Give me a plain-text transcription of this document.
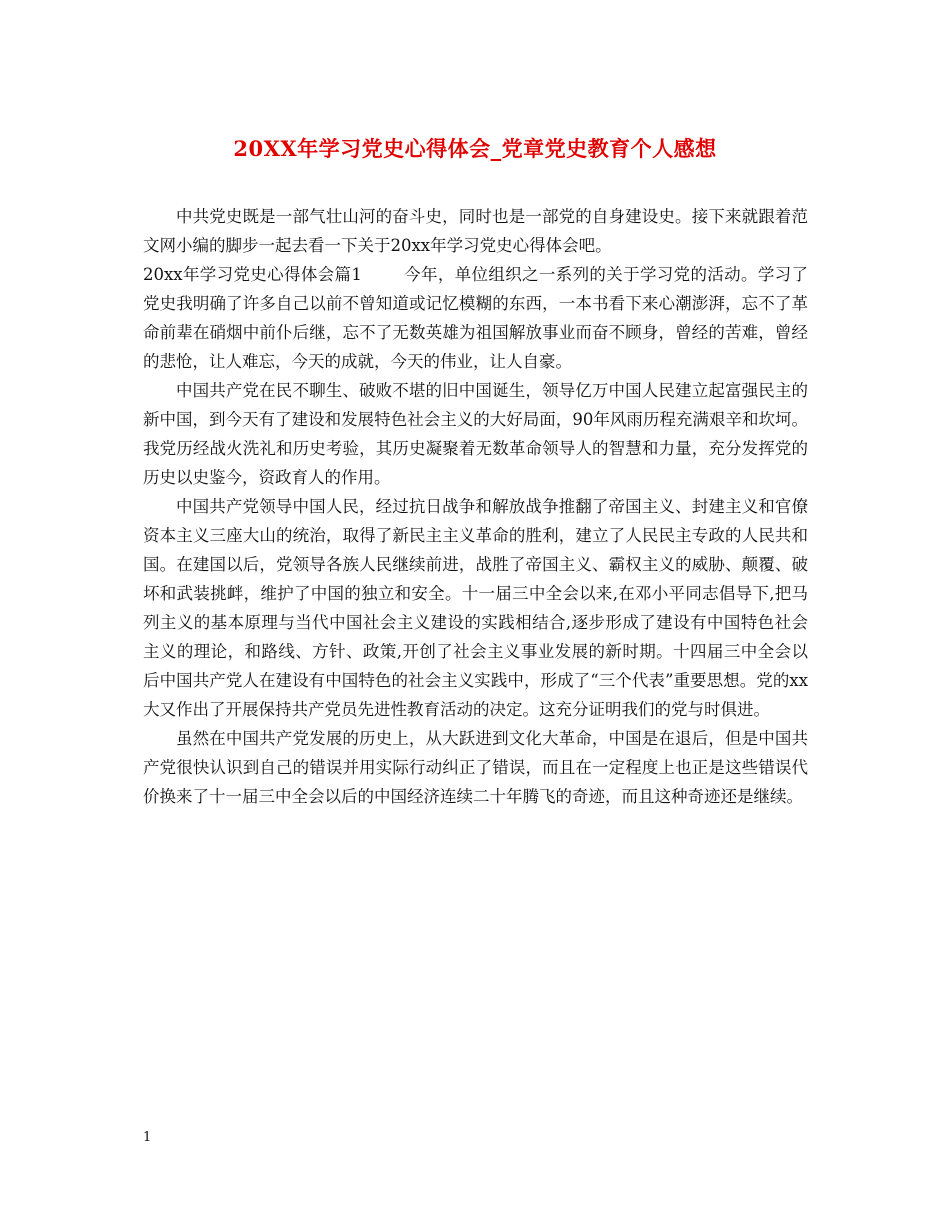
20XX年学习党史心得体会_党章党史教育个人感想

中共党史既是一部气壮山河的奋斗史，同时也是一部党的自身建设史。接下来就跟着范文网小编的脚步一起去看一下关于20xx年学习党史心得体会吧。

20xx年学习党史心得体会篇1	今年，单位组织之一系列的关于学习党的活动。学习了党史我明确了许多自己以前不曾知道或记忆模糊的东西，一本书看下来心潮澎湃，忘不了革命前辈在硝烟中前仆后继，忘不了无数英雄为祖国解放事业而奋不顾身，曾经的苦难，曾经的悲怆，让人难忘，今天的成就，今天的伟业，让人自豪。

中国共产党在民不聊生、破败不堪的旧中国诞生，领导亿万中国人民建立起富强民主的新中国，到今天有了建设和发展特色社会主义的大好局面，90年风雨历程充满艰辛和坎坷。我党历经战火洗礼和历史考验，其历史凝聚着无数革命领导人的智慧和力量，充分发挥党的历史以史鉴今，资政育人的作用。

中国共产党领导中国人民，经过抗日战争和解放战争推翻了帝国主义、封建主义和官僚资本主义三座大山的统治，取得了新民主主义革命的胜利，建立了人民民主专政的人民共和国。在建国以后，党领导各族人民继续前进，战胜了帝国主义、霸权主义的威胁、颠覆、破坏和武装挑衅，维护了中国的独立和安全。十一届三中全会以来,在邓小平同志倡导下,把马列主义的基本原理与当代中国社会主义建设的实践相结合,逐步形成了建设有中国特色社会主义的理论，和路线、方针、政策,开创了社会主义事业发展的新时期。十四届三中全会以后中国共产党人在建设有中国特色的社会主义实践中，形成了“三个代表”重要思想。党的xx大又作出了开展保持共产党员先进性教育活动的决定。这充分证明我们的党与时俱进。

虽然在中国共产党发展的历史上，从大跃进到文化大革命，中国是在退后，但是中国共产党很快认识到自己的错误并用实际行动纠正了错误，而且在一定程度上也正是这些错误代价换来了十一届三中全会以后的中国经济连续二十年腾飞的奇迹，而且这种奇迹还是继续。

1
